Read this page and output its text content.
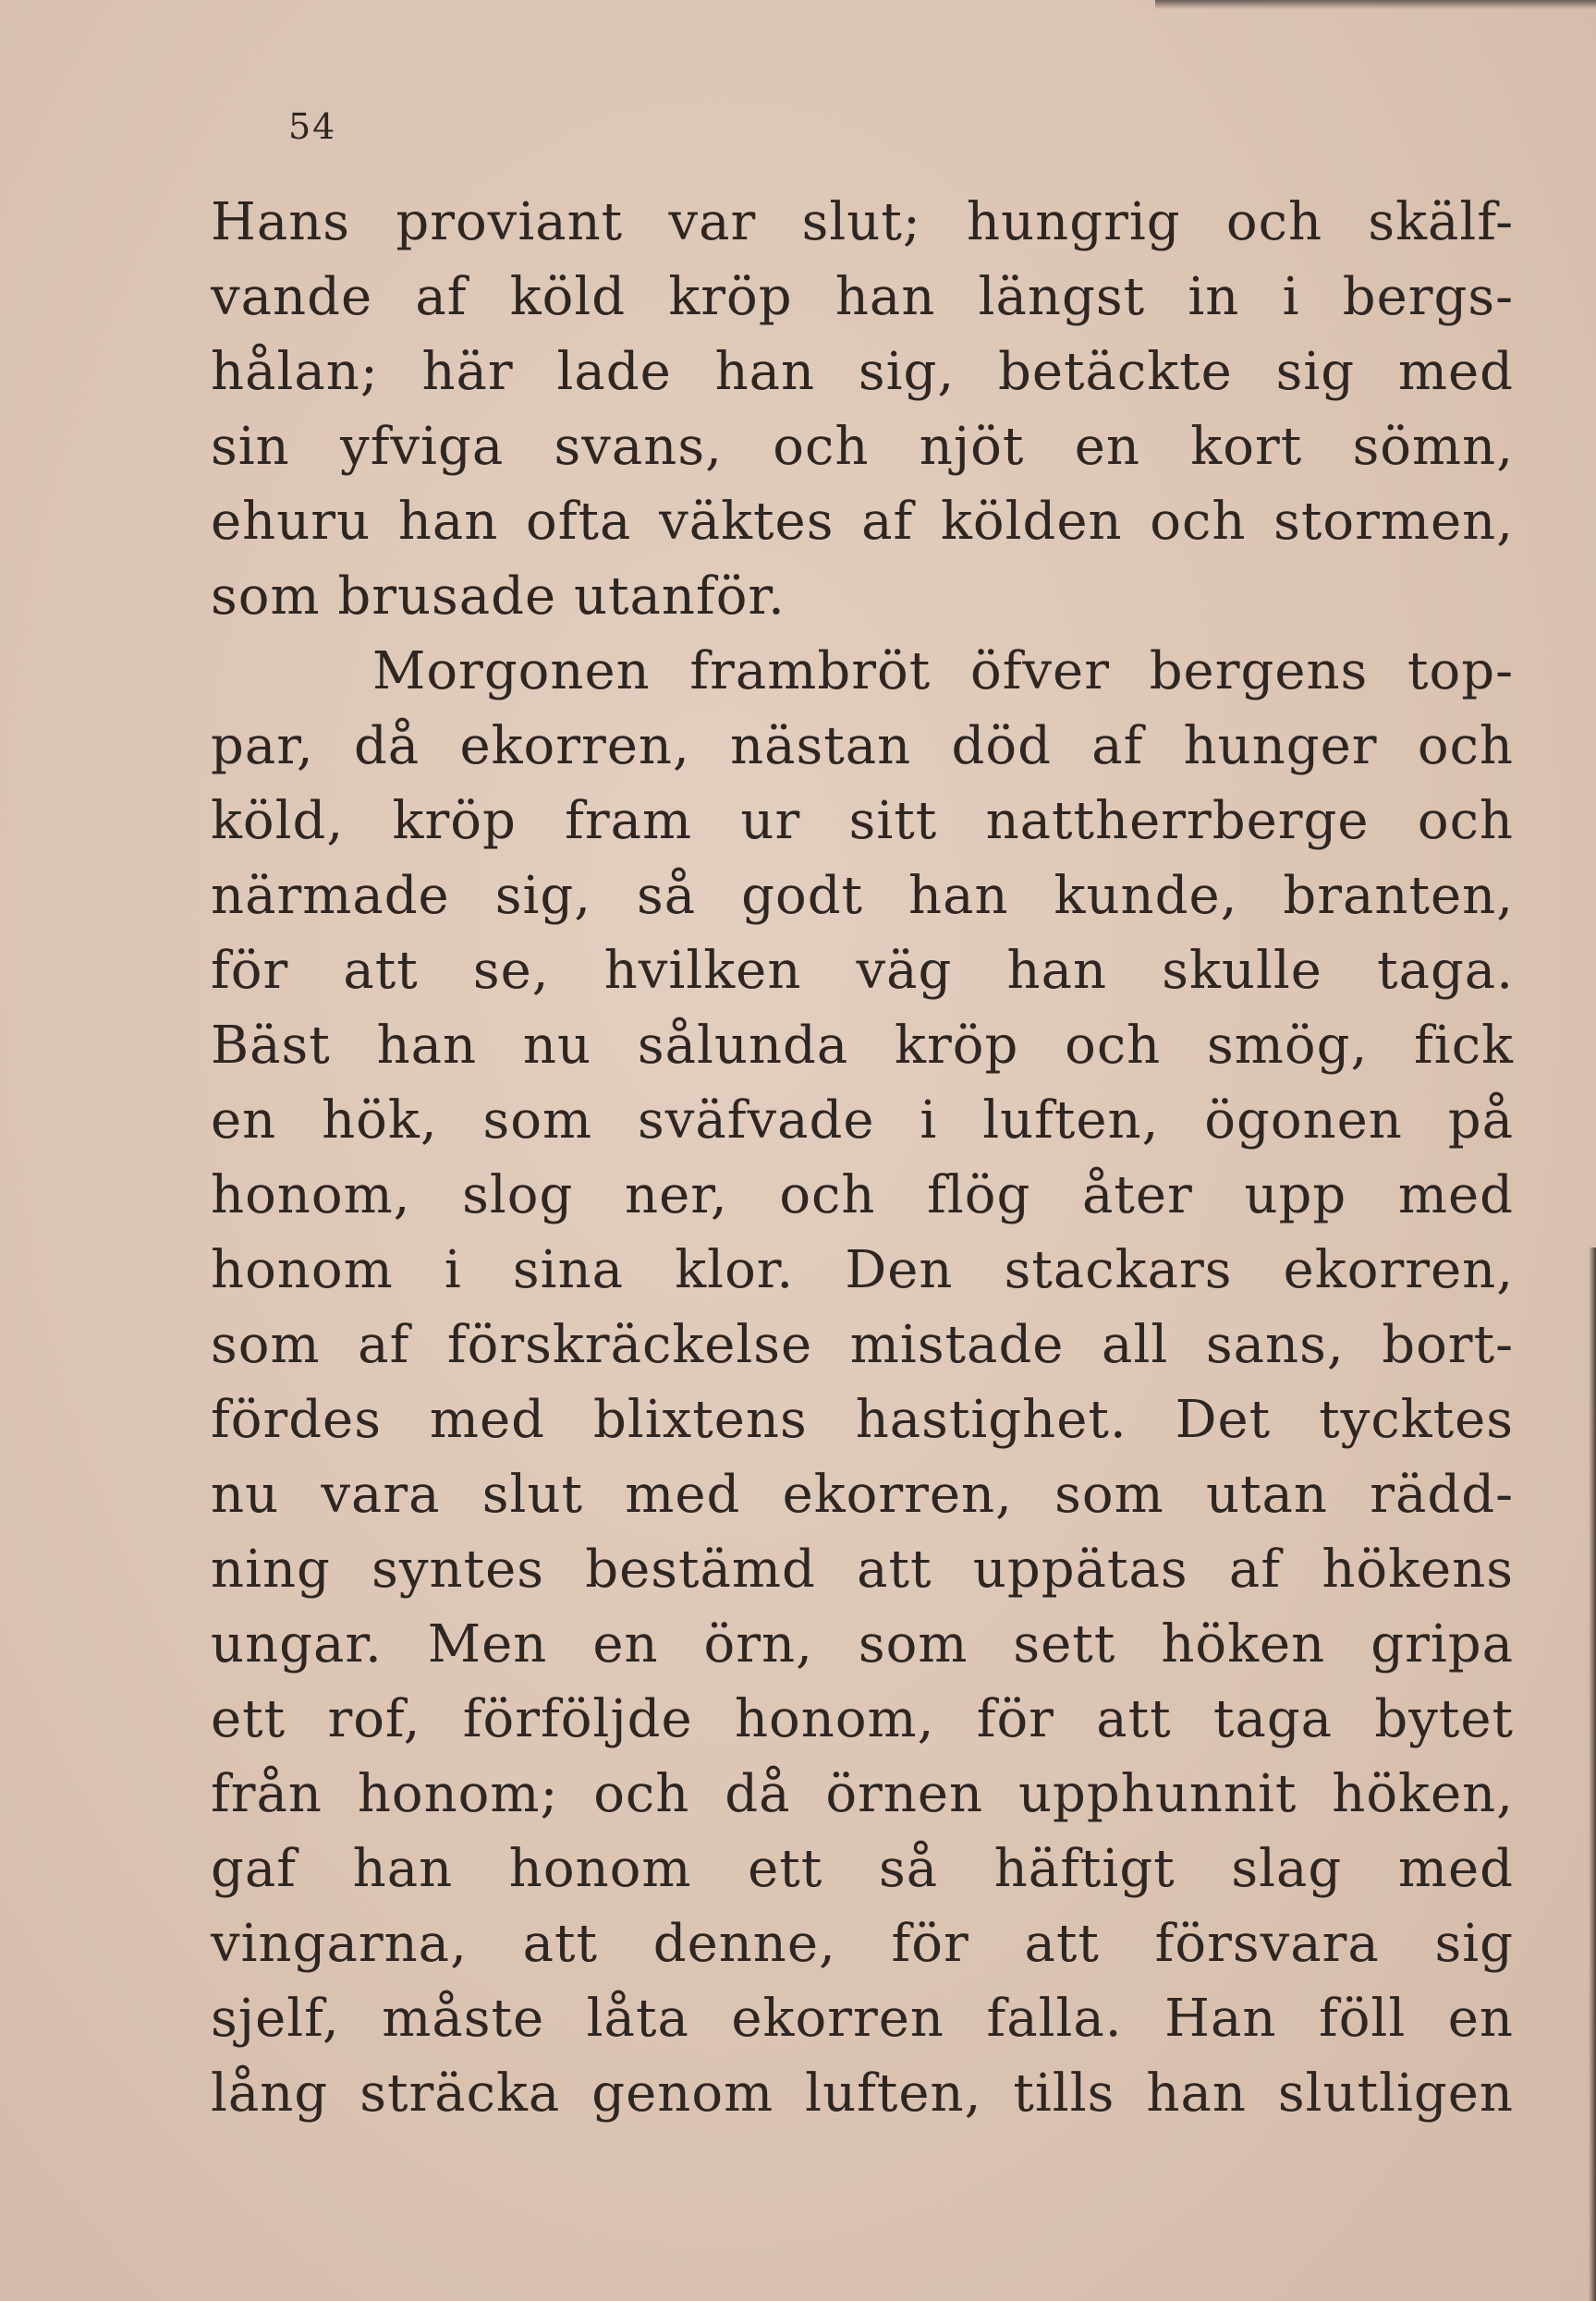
54
Hans proviant var slut; hungrig och skälf-
vande af köld kröp han längst in i bergs-
hålan; här lade han sig, betäckte sig med
sin yfviga svans, och njöt en kort sömn,
ehuru han ofta väktes af kölden och stormen,
som brusade utanför.
Morgonen frambröt öfver bergens top-
par, då ekorren, nästan död af hunger och
köld, kröp fram ur sitt nattherrberge och
närmade sig, så godt han kunde, branten,
för att se, hvilken väg han skulle taga.
Bäst han nu sålunda kröp och smög, fick
en hök, som sväfvade i luften, ögonen på
honom, slog ner, och flög åter upp med
honom i sina klor. Den stackars ekorren,
som af förskräckelse mistade all sans, bort-
fördes med blixtens hastighet. Det tycktes
nu vara slut med ekorren, som utan rädd-
ning syntes bestämd att uppätas af hökens
ungar. Men en örn, som sett höken gripa
ett rof, förföljde honom, för att taga bytet
från honom; och då örnen upphunnit höken,
gaf han honom ett så häftigt slag med
vingarna, att denne, för att försvara sig
sjelf, måste låta ekorren falla. Han föll en
lång sträcka genom luften, tills han slutligen
